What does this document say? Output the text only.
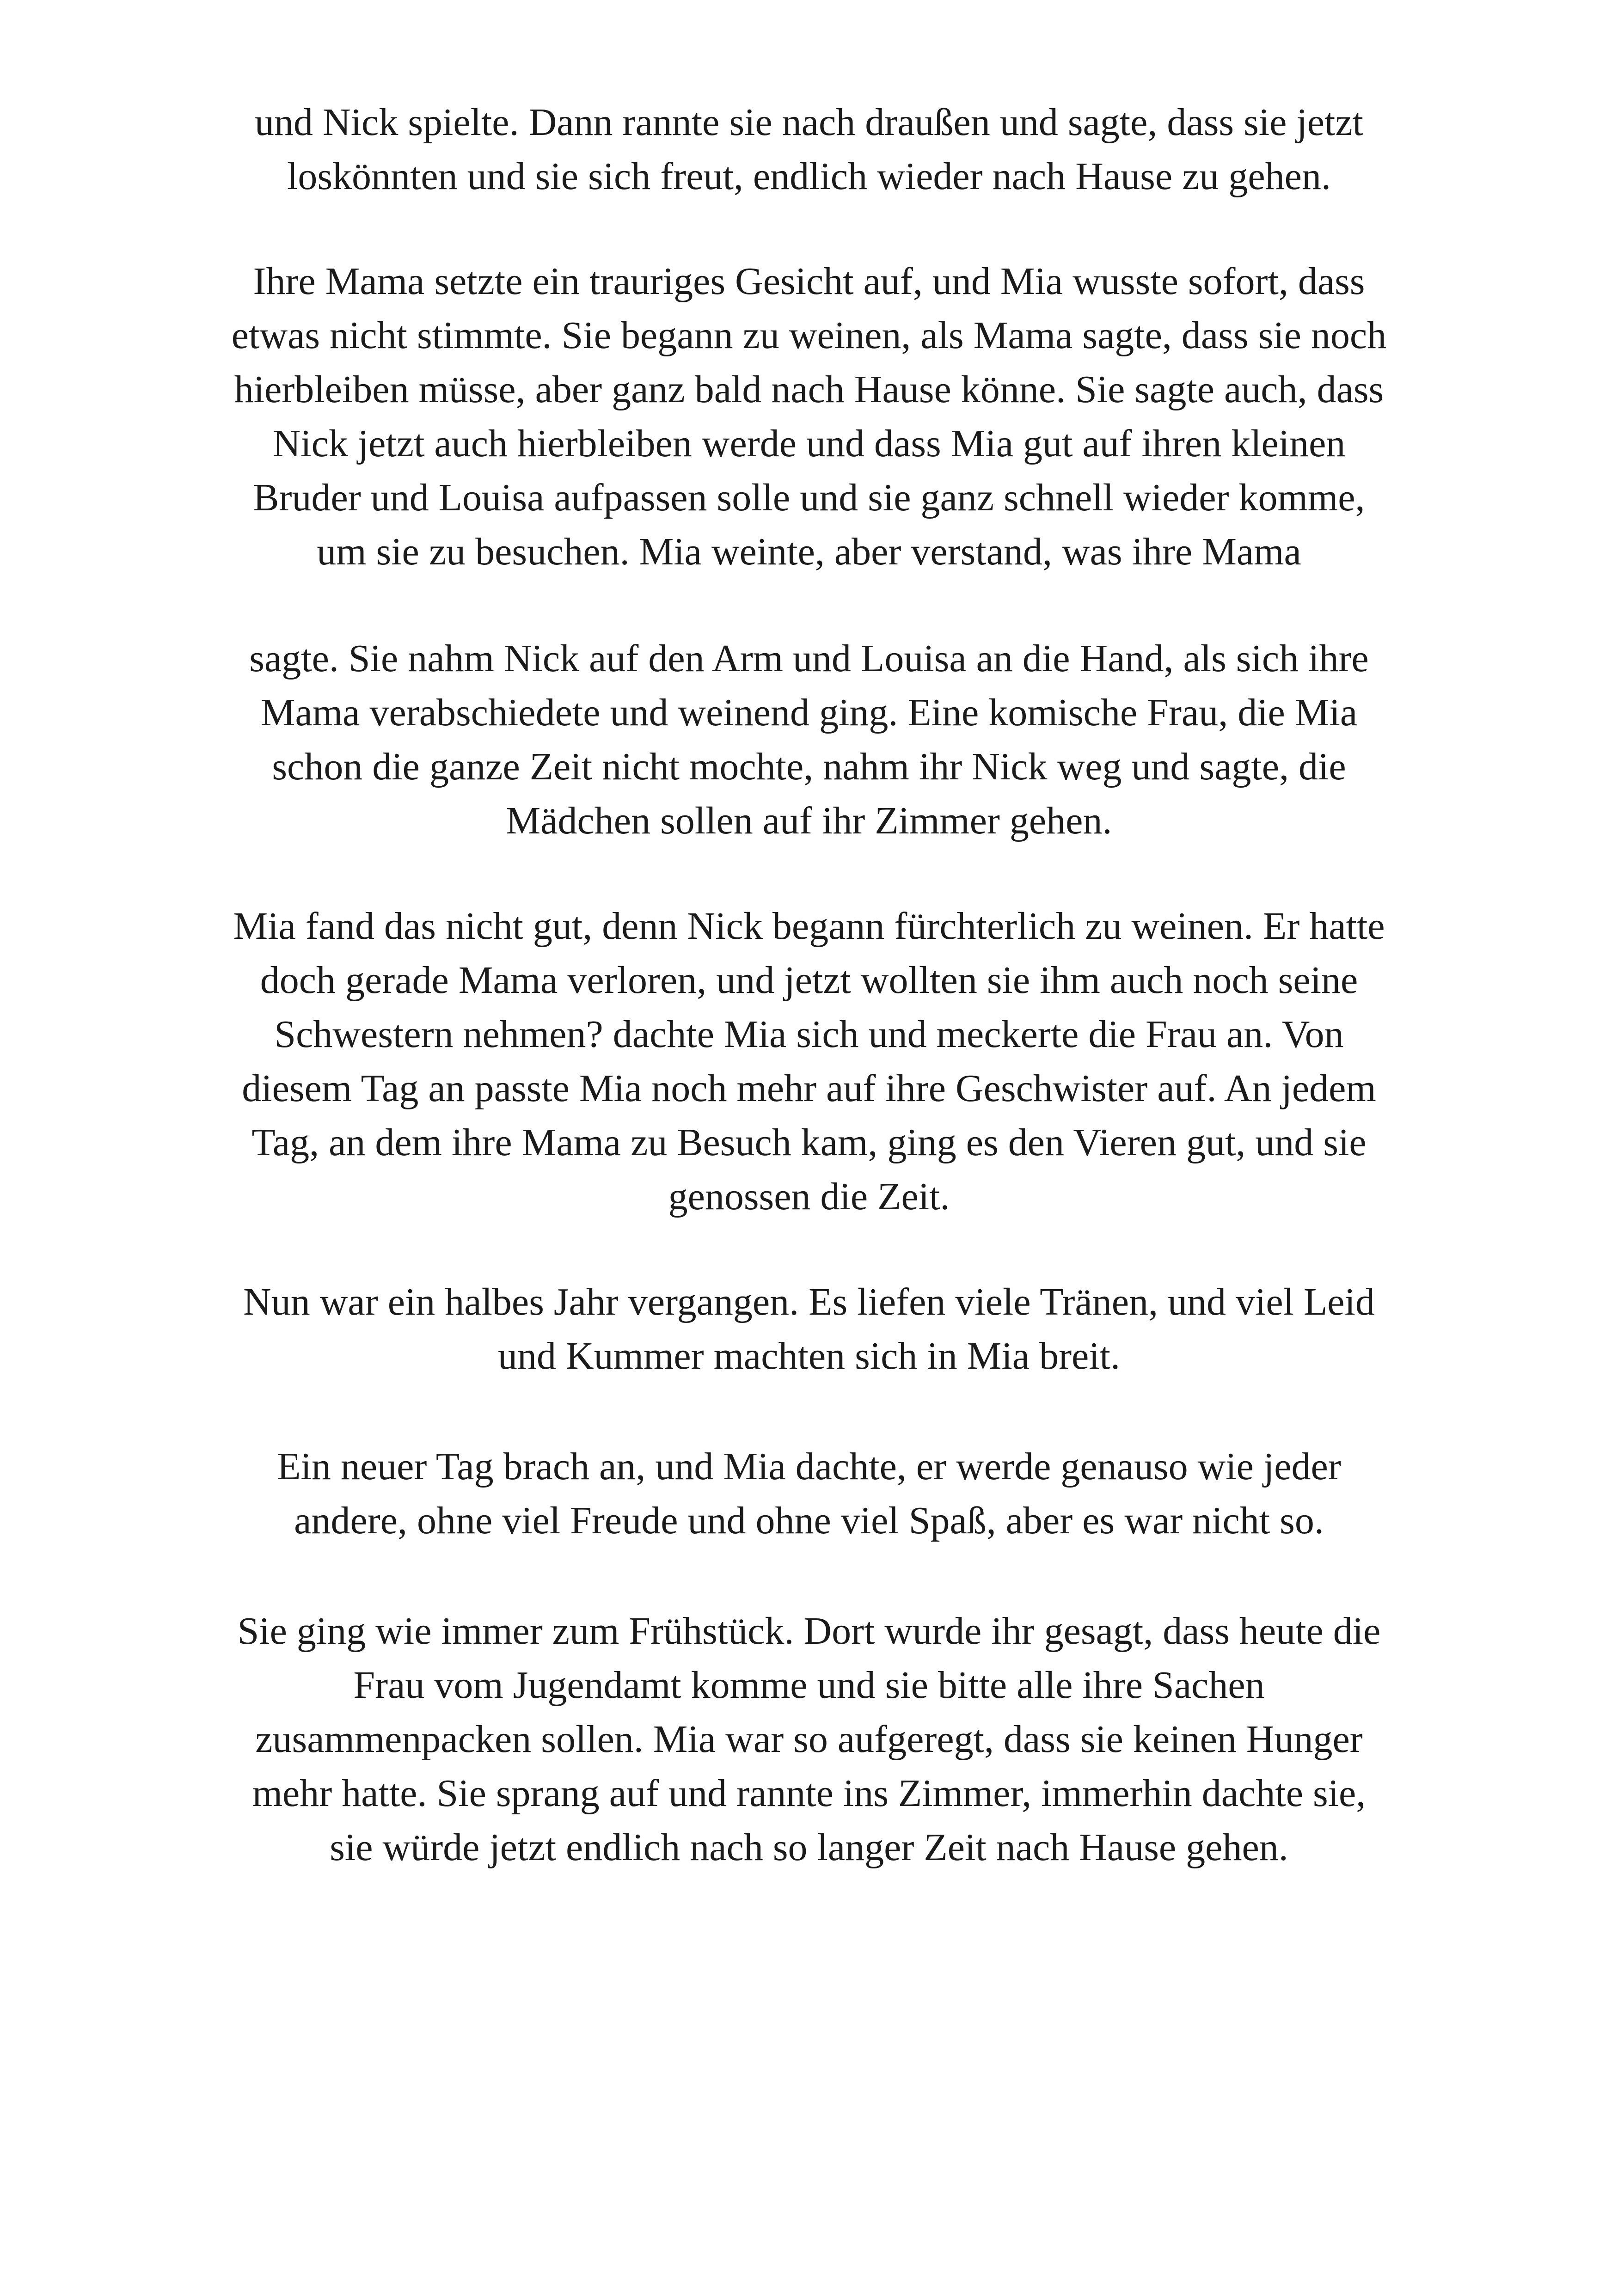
und Nick spielte. Dann rannte sie nach draußen und sagte, dass sie jetzt
loskönnten und sie sich freut, endlich wieder nach Hause zu gehen.

Ihre Mama setzte ein trauriges Gesicht auf, und Mia wusste sofort, dass
etwas nicht stimmte. Sie begann zu weinen, als Mama sagte, dass sie noch
hierbleiben müsse, aber ganz bald nach Hause könne. Sie sagte auch, dass
Nick jetzt auch hierbleiben werde und dass Mia gut auf ihren kleinen
Bruder und Louisa aufpassen solle und sie ganz schnell wieder komme,
um sie zu besuchen. Mia weinte, aber verstand, was ihre Mama

sagte. Sie nahm Nick auf den Arm und Louisa an die Hand, als sich ihre
Mama verabschiedete und weinend ging. Eine komische Frau, die Mia
schon die ganze Zeit nicht mochte, nahm ihr Nick weg und sagte, die
Mädchen sollen auf ihr Zimmer gehen.

Mia fand das nicht gut, denn Nick begann fürchterlich zu weinen. Er hatte
doch gerade Mama verloren, und jetzt wollten sie ihm auch noch seine
Schwestern nehmen? dachte Mia sich und meckerte die Frau an. Von
diesem Tag an passte Mia noch mehr auf ihre Geschwister auf. An jedem
Tag, an dem ihre Mama zu Besuch kam, ging es den Vieren gut, und sie
genossen die Zeit.

Nun war ein halbes Jahr vergangen. Es liefen viele Tränen, und viel Leid
und Kummer machten sich in Mia breit.

Ein neuer Tag brach an, und Mia dachte, er werde genauso wie jeder
andere, ohne viel Freude und ohne viel Spaß, aber es war nicht so.

Sie ging wie immer zum Frühstück. Dort wurde ihr gesagt, dass heute die
Frau vom Jugendamt komme und sie bitte alle ihre Sachen
zusammenpacken sollen. Mia war so aufgeregt, dass sie keinen Hunger
mehr hatte. Sie sprang auf und rannte ins Zimmer, immerhin dachte sie,
sie würde jetzt endlich nach so langer Zeit nach Hause gehen.
